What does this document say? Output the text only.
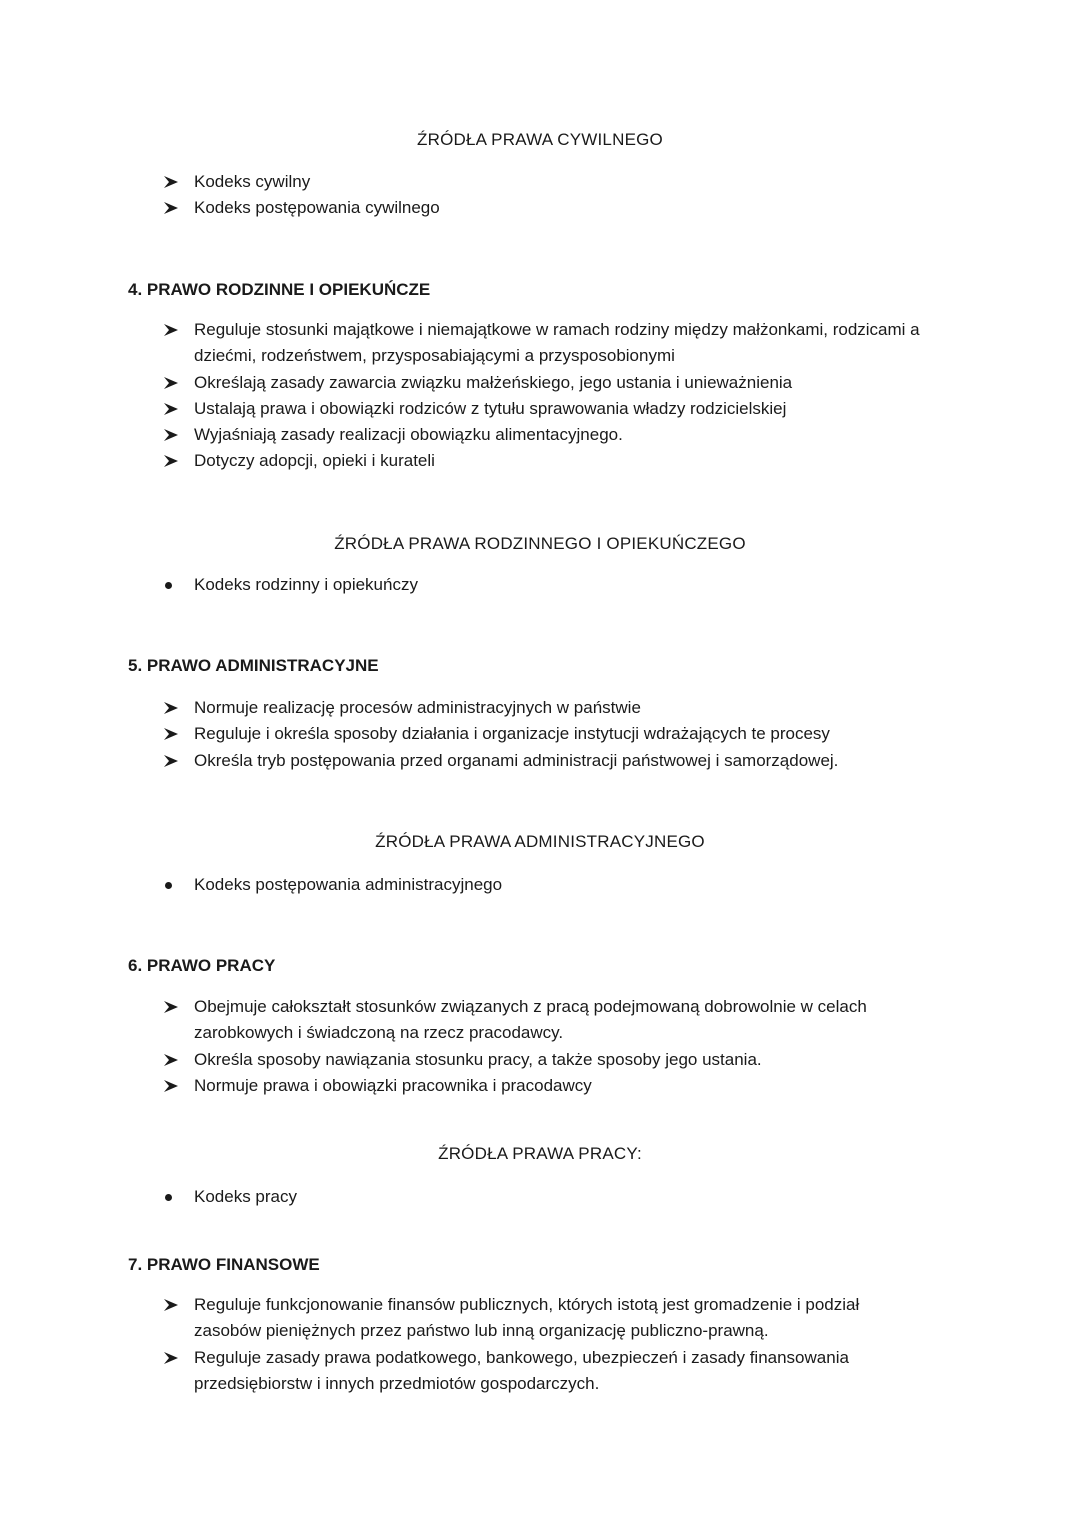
ŹRÓDŁA PRAWA CYWILNEGO
Kodeks cywilny
Kodeks postępowania cywilnego
4. PRAWO RODZINNE I OPIEKUŃCZE
Reguluje stosunki majątkowe i niemajątkowe w ramach rodziny między małżonkami, rodzicami a dziećmi, rodzeństwem, przysposabiającymi a przysposobionymi
Określają zasady zawarcia związku małżeńskiego, jego ustania i unieważnienia
Ustalają prawa i obowiązki rodziców z tytułu sprawowania władzy rodzicielskiej
Wyjaśniają zasady realizacji obowiązku alimentacyjnego.
Dotyczy adopcji, opieki i kurateli
ŹRÓDŁA PRAWA RODZINNEGO I OPIEKUŃCZEGO
Kodeks rodzinny i opiekuńczy
5. PRAWO ADMINISTRACYJNE
Normuje realizację procesów administracyjnych w państwie
Reguluje i określa sposoby działania i organizacje instytucji wdrażających te procesy
Określa tryb postępowania przed organami administracji państwowej i samorządowej.
ŹRÓDŁA PRAWA ADMINISTRACYJNEGO
Kodeks postępowania administracyjnego
6. PRAWO PRACY
Obejmuje całokształt stosunków związanych z pracą podejmowaną dobrowolnie w celach zarobkowych i świadczoną na rzecz pracodawcy.
Określa sposoby nawiązania stosunku pracy, a także sposoby jego ustania.
Normuje prawa i obowiązki pracownika i pracodawcy
ŹRÓDŁA PRAWA PRACY:
Kodeks pracy
7. PRAWO FINANSOWE
Reguluje funkcjonowanie finansów publicznych, których istotą jest gromadzenie i podział zasobów pieniężnych przez państwo lub inną organizację publiczno-prawną.
Reguluje zasady prawa podatkowego, bankowego, ubezpieczeń i zasady finansowania przedsiębiorstw i innych przedmiotów gospodarczych.
